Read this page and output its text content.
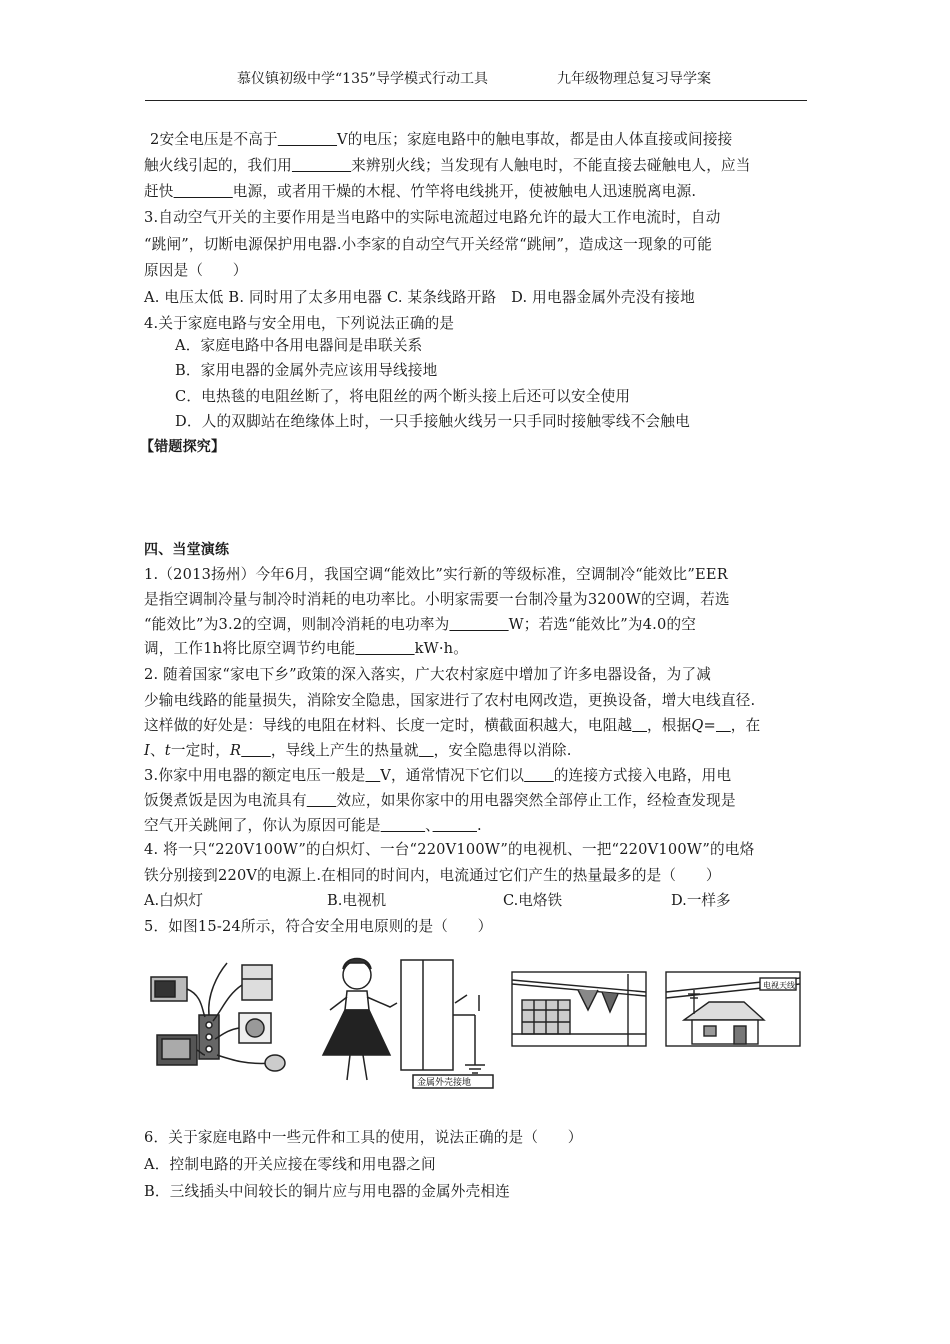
慕仪镇初级中学“135”导学模式行动工具	九年级物理总复习导学案
2安全电压是不高于　　　　	V的电压；家庭电路中的触电事故，都是由人体直接或间接接
触火线引起的，我们用　　　　	来辨别火线；当发现有人触电时，不能直接去碰触电人，应当
赶快　　　　	电源，或者用干燥的木棍、竹竿将电线挑开，使被触电人迅速脱离电源.
3.自动空气开关的主要作用是当电路中的实际电流超过电路允许的最大工作电流时，自动
“跳闸”，切断电源保护用电器.小李家的自动空气开关经常“跳闸”，造成这一现象的可能
原因是（　　）
A. 电压太低 B. 同时用了太多用电器 C. 某条线路开路　D. 用电器金属外壳没有接地
4.关于家庭电路与安全用电，下列说法正确的是
A．家庭电路中各用电器间是串联关系
B．家用电器的金属外壳应该用导线接地
C．电热毯的电阻丝断了，将电阻丝的两个断头接上后还可以安全使用
D．人的双脚站在绝缘体上时，一只手接触火线另一只手同时接触零线不会触电
【错题探究】
四、当堂演练
1.（2013扬州）今年6月，我国空调“能效比”实行新的等级标准，空调制冷“能效比”EER
是指空调制冷量与制冷时消耗的电功率比。小明家需要一台制冷量为3200W的空调，若选
“能效比”为3.2的空调，则制冷消耗的电功率为　　　　	W；若选“能效比”为4.0的空
调，工作1h将比原空调节约电能　　　　	kW·h。
2. 随着国家“家电下乡”政策的深入落实，广大农村家庭中增加了许多电器设备，为了减
少输电线路的能量损失，消除安全隐患，国家进行了农村电网改造，更换设备，增大电线直径.
这样做的好处是：导线的电阻在材料、长度一定时，横截面积越大，电阻越　 ，根据Q=　 ，在
I、t一定时，R　　 ，导线上产生的热量就　 ，安全隐患得以消除.
3.你家中用电器的额定电压一般是　 V，通常情况下它们以　　 的连接方式接入电路，用电
饭煲煮饭是因为电流具有　　 效应，如果你家中的用电器突然全部停止工作，经检查发现是
空气开关跳闸了，你认为原因可能是　　　	、　　　	.
4. 将一只“220V100W”的白炽灯、一台“220V100W”的电视机、一把“220V100W”的电烙
铁分别接到220V的电源上.在相同的时间内，电流通过它们产生的热量最多的是（　　）
A.白炽灯	B.电视机	C.电烙铁	D.一样多
5．如图15-24所示，符合安全用电原则的是（　　）
金属外壳接地
电视天线
6．关于家庭电路中一些元件和工具的使用，说法正确的是（　　）
A．控制电路的开关应接在零线和用电器之间
B．三线插头中间较长的铜片应与用电器的金属外壳相连
